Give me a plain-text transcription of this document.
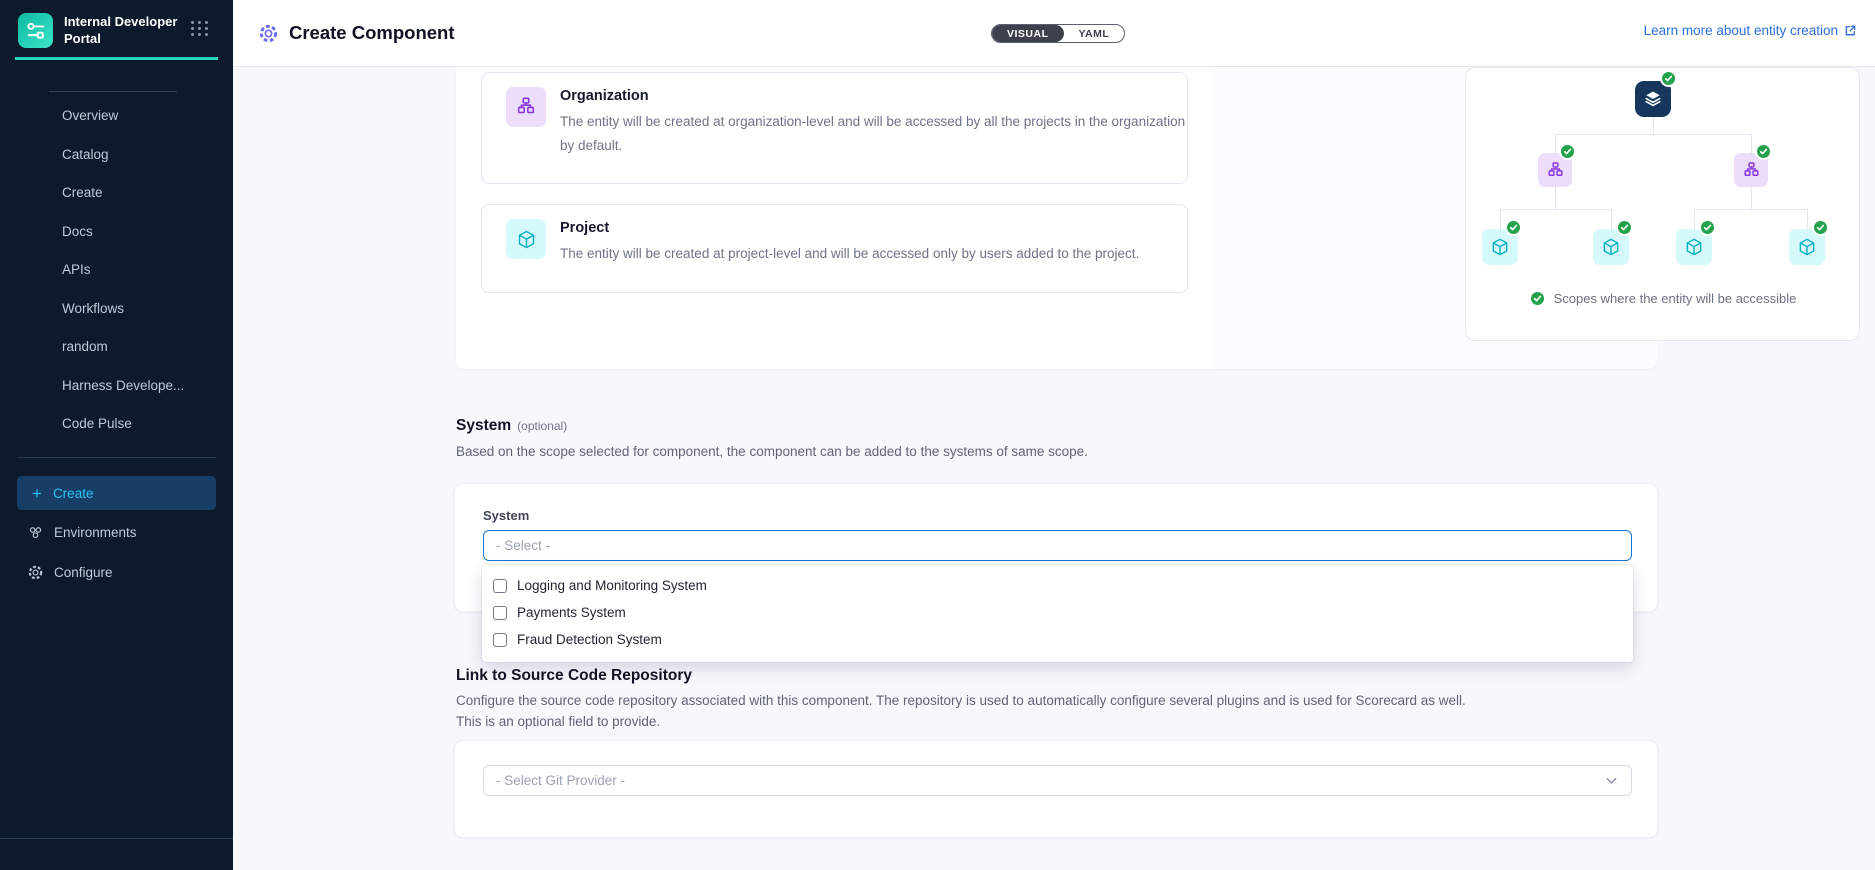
Internal Developer Portal
Overview
Catalog
Create
Docs
APIs
Workflows
random
Harness Develope...
Code Pulse
+ Create
Environments
Configure
Create Component	VISUAL	YAML	Learn more about entity creation
Organization
The entity will be created at organization-level and will be accessed by all the projects in the organization by default.
Project
The entity will be created at project-level and will be accessed only by users added to the project.
Scopes where the entity will be accessible
System (optional)
Based on the scope selected for component, the component can be added to the systems of same scope.
System
- Select -
Logging and Monitoring System
Payments System
Fraud Detection System
Link to Source Code Repository
Configure the source code repository associated with this component. The repository is used to automatically configure several plugins and is used for Scorecard as well.
This is an optional field to provide.
- Select Git Provider -
